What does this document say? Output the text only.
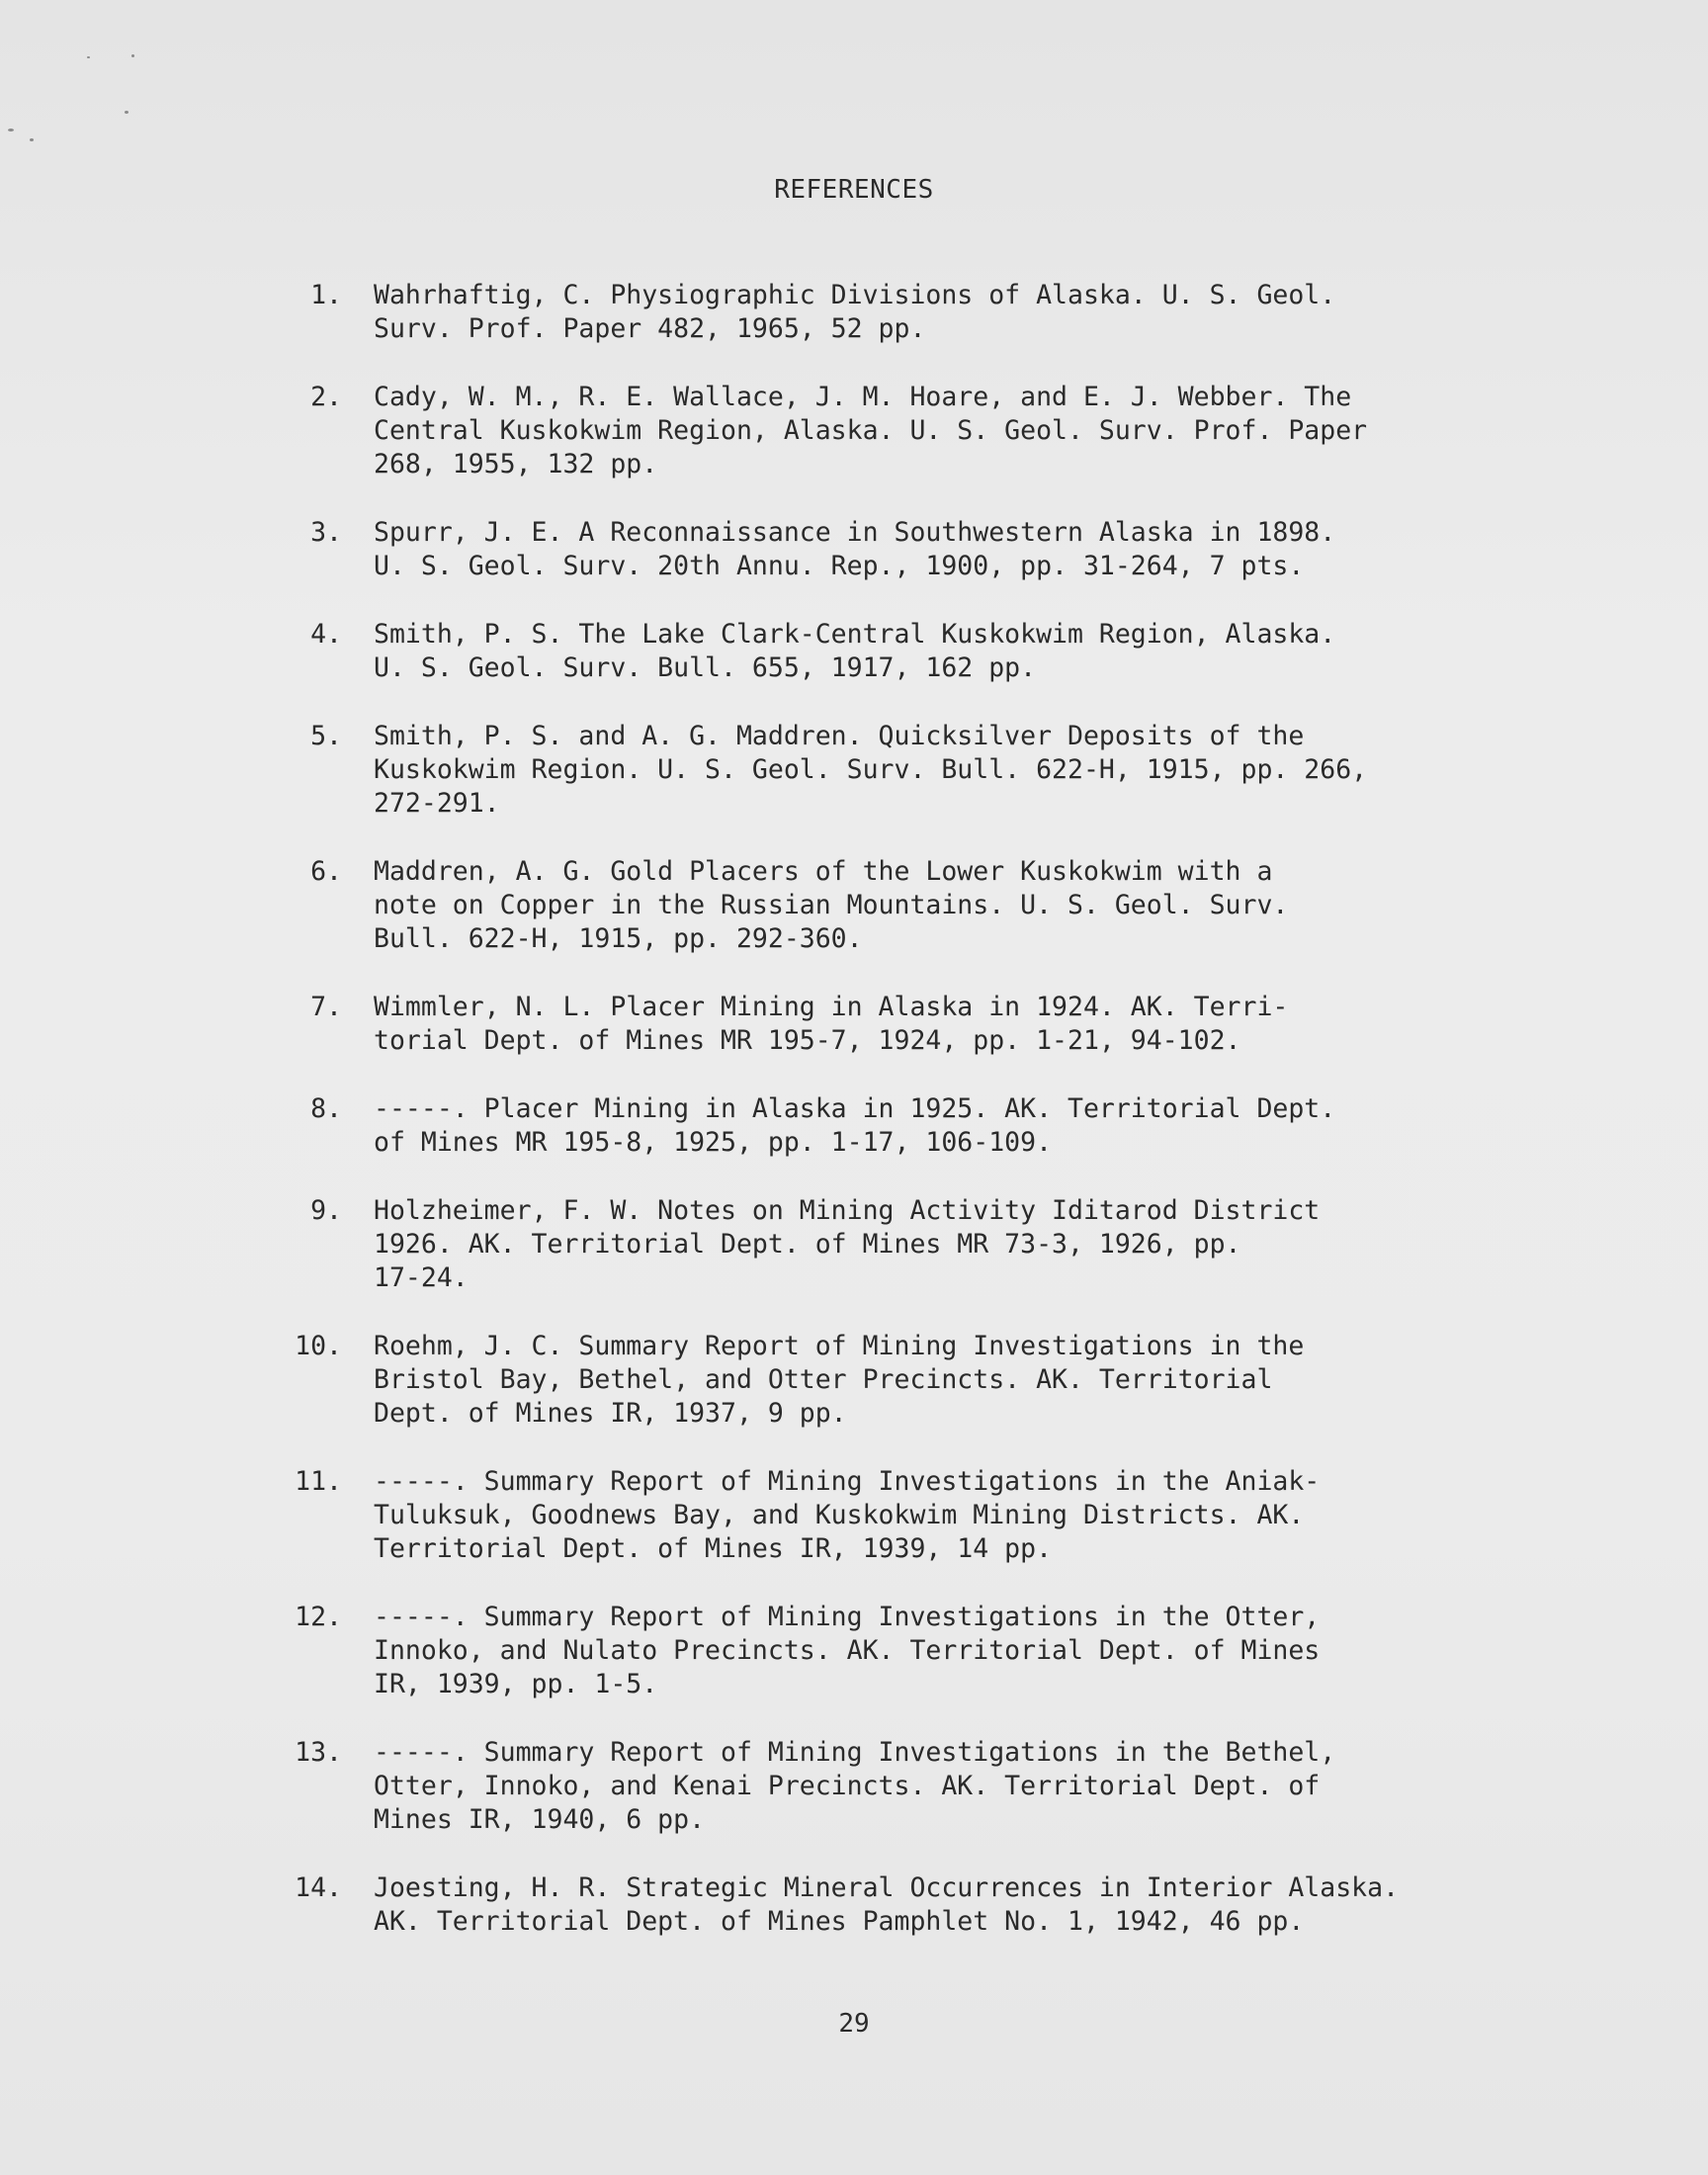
REFERENCES
1.	Wahrhaftig, C. Physiographic Divisions of Alaska. U. S. Geol.
Surv. Prof. Paper 482, 1965, 52 pp.
2.	Cady, W. M., R. E. Wallace, J. M. Hoare, and E. J. Webber. The
Central Kuskokwim Region, Alaska. U. S. Geol. Surv. Prof. Paper
268, 1955, 132 pp.
3.	Spurr, J. E. A Reconnaissance in Southwestern Alaska in 1898.
U. S. Geol. Surv. 20th Annu. Rep., 1900, pp. 31-264, 7 pts.
4.	Smith, P. S. The Lake Clark-Central Kuskokwim Region, Alaska.
U. S. Geol. Surv. Bull. 655, 1917, 162 pp.
5.	Smith, P. S. and A. G. Maddren. Quicksilver Deposits of the
Kuskokwim Region. U. S. Geol. Surv. Bull. 622-H, 1915, pp. 266,
272-291.
6.	Maddren, A. G. Gold Placers of the Lower Kuskokwim with a
note on Copper in the Russian Mountains. U. S. Geol. Surv.
Bull. 622-H, 1915, pp. 292-360.
7.	Wimmler, N. L. Placer Mining in Alaska in 1924. AK. Terri-
torial Dept. of Mines MR 195-7, 1924, pp. 1-21, 94-102.
8.	-----. Placer Mining in Alaska in 1925. AK. Territorial Dept.
of Mines MR 195-8, 1925, pp. 1-17, 106-109.
9.	Holzheimer, F. W. Notes on Mining Activity Iditarod District
1926. AK. Territorial Dept. of Mines MR 73-3, 1926, pp.
17-24.
10.	Roehm, J. C. Summary Report of Mining Investigations in the
Bristol Bay, Bethel, and Otter Precincts. AK. Territorial
Dept. of Mines IR, 1937, 9 pp.
11.	-----. Summary Report of Mining Investigations in the Aniak-
Tuluksuk, Goodnews Bay, and Kuskokwim Mining Districts. AK.
Territorial Dept. of Mines IR, 1939, 14 pp.
12.	-----. Summary Report of Mining Investigations in the Otter,
Innoko, and Nulato Precincts. AK. Territorial Dept. of Mines
IR, 1939, pp. 1-5.
13.	-----. Summary Report of Mining Investigations in the Bethel,
Otter, Innoko, and Kenai Precincts. AK. Territorial Dept. of
Mines IR, 1940, 6 pp.
14.	Joesting, H. R. Strategic Mineral Occurrences in Interior Alaska.
AK. Territorial Dept. of Mines Pamphlet No. 1, 1942, 46 pp.
29
